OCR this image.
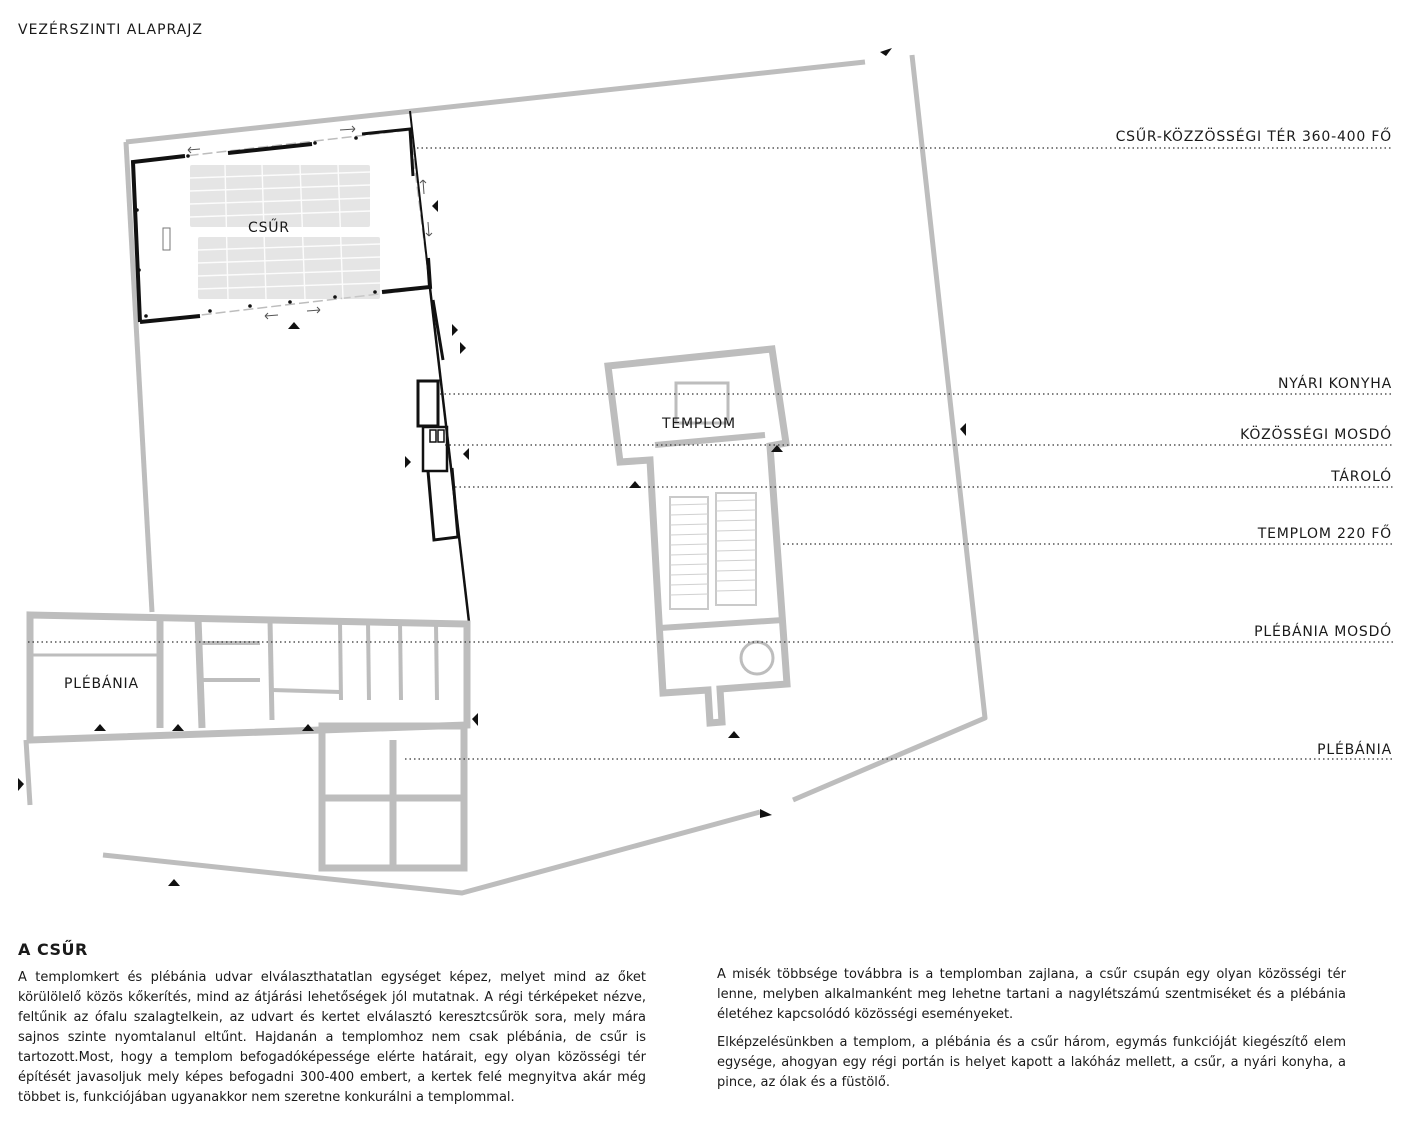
VEZÉRSZINTI ALAPRAJZ
CSŰR
TEMPLOM
PLÉBÁNIA
CSŰR-KÖZZÖSSÉGI TÉR 360-400 FŐ
NYÁRI KONYHA
KÖZÖSSÉGI MOSDÓ
TÁROLÓ
TEMPLOM 220 FŐ
PLÉBÁNIA MOSDÓ
PLÉBÁNIA
A CSŰR

A templomkert és plébánia udvar elválaszthatatlan egységet képez, melyet mind az őket körülölelő közös kőkerítés, mind az átjárási lehetőségek jól mutatnak. A régi térképeket nézve, feltűnik az ófalu szalagtelkein, az udvart és kertet elválasztó keresztcsűrök sora, mely mára sajnos szinte nyomtalanul eltűnt. Hajdanán a templomhoz nem csak plébánia, de csűr is tartozott.Most, hogy a templom befogadóképessége elérte határait, egy olyan közösségi tér építését javasoljuk mely képes befogadni 300-400 embert, a kertek felé megnyitva akár még többet is, funkciójában ugyanakkor nem szeretne konkurálni a templommal.

A misék többsége továbbra is a templomban zajlana, a csűr csupán egy olyan közösségi tér lenne, melyben alkalmanként meg lehetne tartani a nagylétszámú szentmiséket és a plébánia életéhez kapcsolódó közösségi eseményeket.

Elképzelésünkben a templom, a plébánia és a csűr három, egymás funkcióját kiegészítő elem egysége, ahogyan egy régi portán is helyet kapott a lakóház mellett, a csűr, a nyári konyha, a pince, az ólak és a füstölő.
